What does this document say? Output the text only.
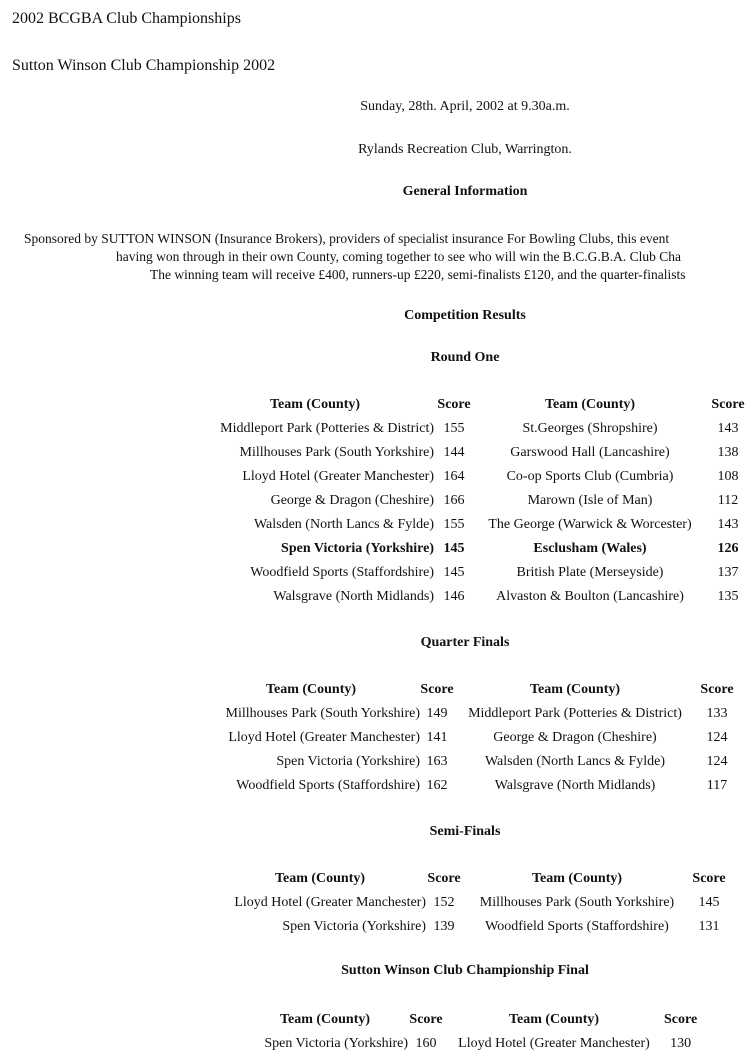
2002 BCGBA Club Championships
Sutton Winson Club Championship 2002
Sunday, 28th. April, 2002 at 9.30a.m.
Rylands Recreation Club, Warrington.
General Information
Sponsored by SUTTON WINSON (Insurance Brokers), providers of specialist insurance For Bowling Clubs, this event
having won through in their own County, coming together to see who will win the B.C.G.B.A. Club Cha
The winning team will receive £400, runners-up £220, semi-finalists £120, and the quarter-finalists
Competition Results
Round One
Team (County)	Score	Team (County)	Score
Middleport Park (Potteries & District)	155	St.Georges (Shropshire)	143
Millhouses Park (South Yorkshire)	144	Garswood Hall (Lancashire)	138
Lloyd Hotel (Greater Manchester)	164	Co-op Sports Club (Cumbria)	108
George & Dragon (Cheshire)	166	Marown (Isle of Man)	112
Walsden (North Lancs & Fylde)	155	The George (Warwick & Worcester)	143
Spen Victoria (Yorkshire)	145	Esclusham (Wales)	126
Woodfield Sports (Staffordshire)	145	British Plate (Merseyside)	137
Walsgrave (North Midlands)	146	Alvaston & Boulton (Lancashire)	135
Quarter Finals
Team (County)	Score	Team (County)	Score
Millhouses Park (South Yorkshire)	149	Middleport Park (Potteries & District)	133
Lloyd Hotel (Greater Manchester)	141	George & Dragon (Cheshire)	124
Spen Victoria (Yorkshire)	163	Walsden (North Lancs & Fylde)	124
Woodfield Sports (Staffordshire)	162	Walsgrave (North Midlands)	117
Semi-Finals
Team (County)	Score	Team (County)	Score
Lloyd Hotel (Greater Manchester)	152	Millhouses Park (South Yorkshire)	145
Spen Victoria (Yorkshire)	139	Woodfield Sports (Staffordshire)	131
Sutton Winson Club Championship Final
Team (County)	Score	Team (County)	Score
Spen Victoria (Yorkshire)	160	Lloyd Hotel (Greater Manchester)	130
